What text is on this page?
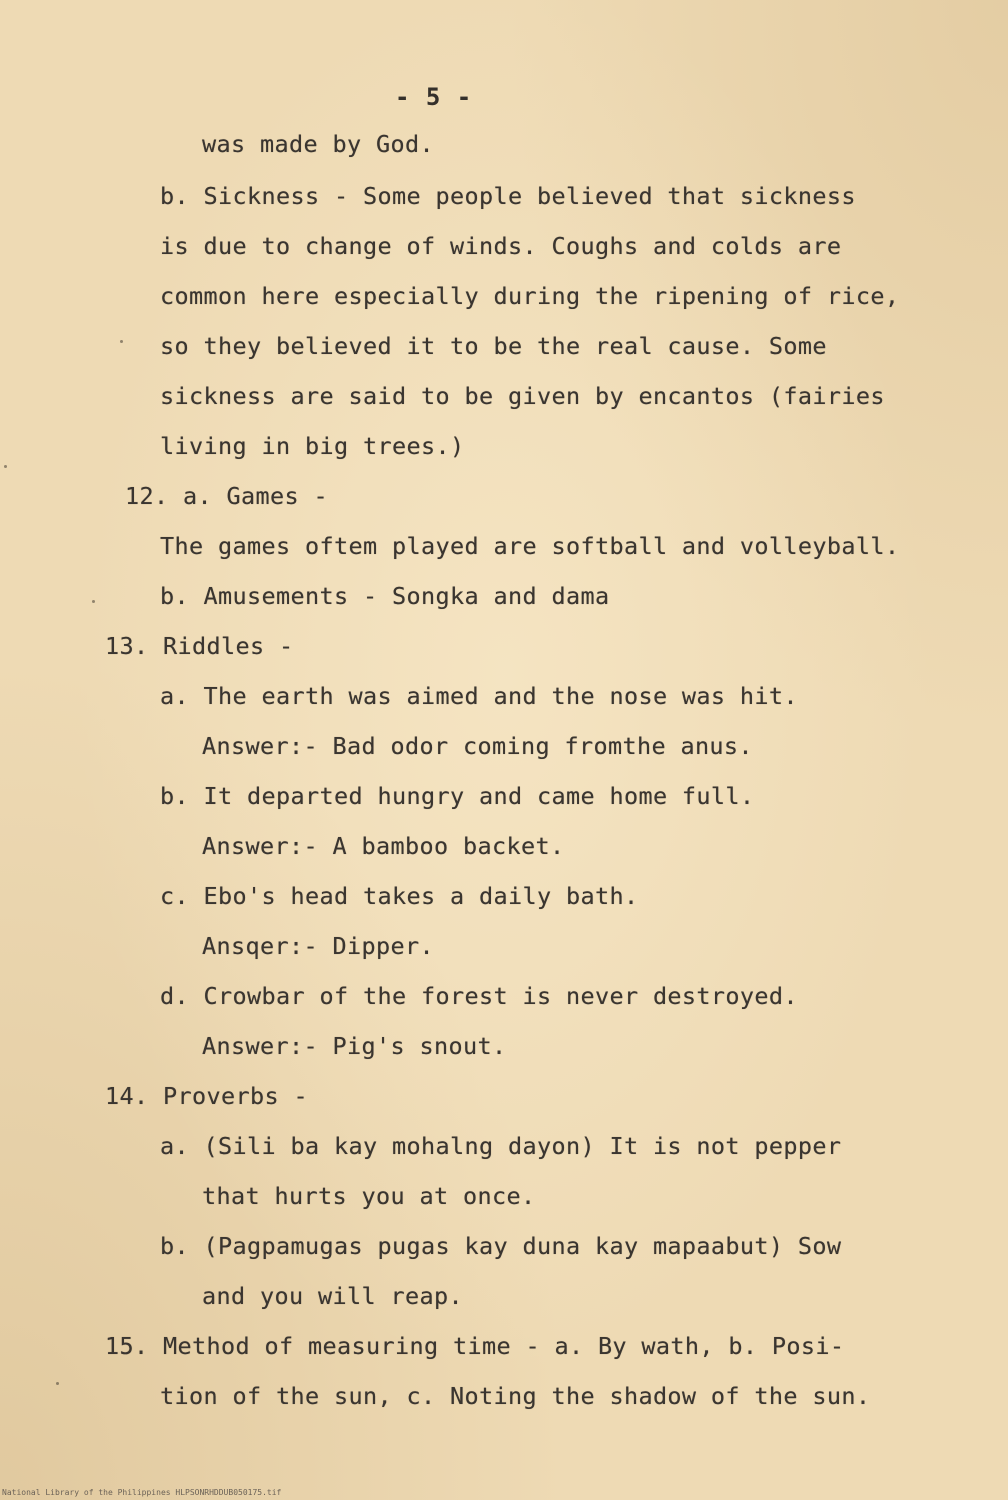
- 5 -
was made by God.
b. Sickness - Some people believed that sickness
is due to change of winds. Coughs and colds are
common here especially during the ripening of rice,
so they believed it to be the real cause. Some
sickness are said to be given by encantos (fairies
living in big trees.)
12. a. Games -
The games oftem played are softball and volleyball.
b. Amusements - Songka and dama
13. Riddles -
a. The earth was aimed and the nose was hit.
Answer:- Bad odor coming fromthe anus.
b. It departed hungry and came home full.
Answer:- A bamboo backet.
c. Ebo's head takes a daily bath.
Ansqer:- Dipper.
d. Crowbar of the forest is never destroyed.
Answer:- Pig's snout.
14. Proverbs -
a. (Sili ba kay mohalng dayon) It is not pepper
that hurts you at once.
b. (Pagpamugas pugas kay duna kay mapaabut) Sow
and you will reap.
15. Method of measuring time - a. By wath, b. Posi-
tion of the sun, c. Noting the shadow of the sun.
National Library of the Philippines HLPSONRHDDUB050175.tif
